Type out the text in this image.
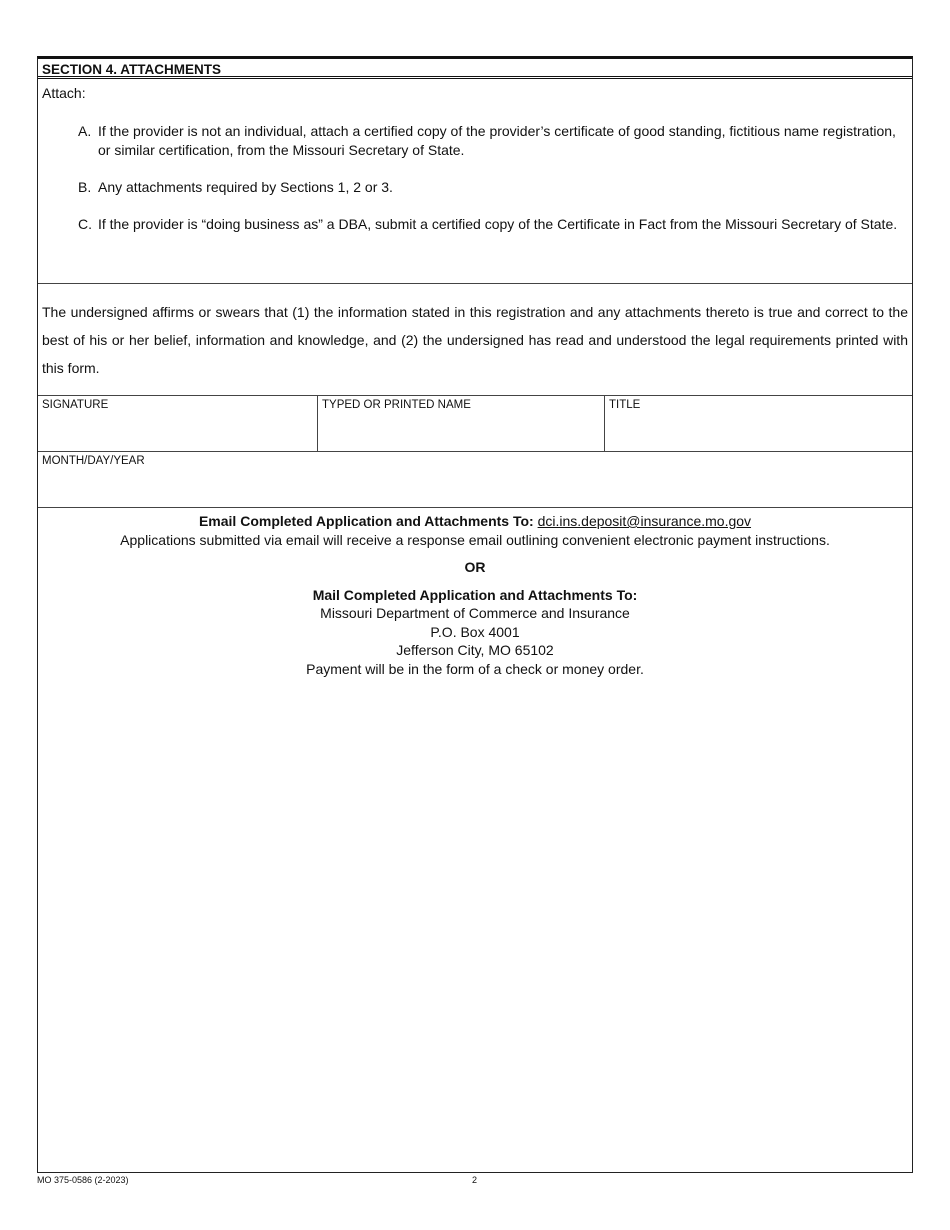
SECTION 4. ATTACHMENTS
Attach:
A. If the provider is not an individual, attach a certified copy of the provider’s certificate of good standing, fictitious name registration, or similar certification, from the Missouri Secretary of State.
B. Any attachments required by Sections 1, 2 or 3.
C. If the provider is “doing business as” a DBA, submit a certified copy of the Certificate in Fact from the Missouri Secretary of State.
The undersigned affirms or swears that (1) the information stated in this registration and any attachments thereto is true and correct to the best of his or her belief, information and knowledge, and (2) the undersigned has read and understood the legal requirements printed with this form.
SIGNATURE	TYPED OR PRINTED NAME	TITLE
MONTH/DAY/YEAR
Email Completed Application and Attachments To: dci.ins.deposit@insurance.mo.gov
Applications submitted via email will receive a response email outlining convenient electronic payment instructions.
OR
Mail Completed Application and Attachments To:
Missouri Department of Commerce and Insurance
P.O. Box 4001
Jefferson City, MO 65102
Payment will be in the form of a check or money order.
MO 375-0586 (2-2023)	2
